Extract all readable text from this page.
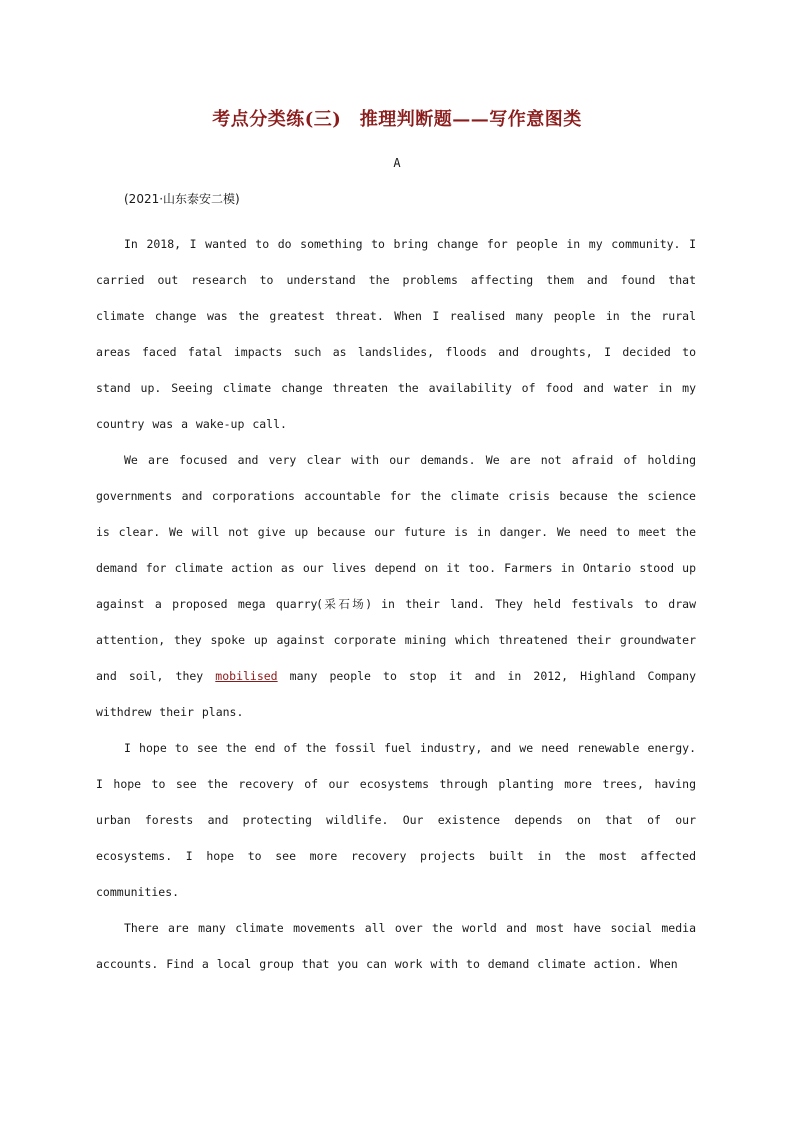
考点分类练(三)　推理判断题——写作意图类
A
(2021·山东泰安二模)

In 2018, I wanted to do something to bring change for people in my community. I carried out research to understand the problems affecting them and found that climate change was the greatest threat. When I realised many people in the rural areas faced fatal impacts such as landslides, floods and droughts, I decided to stand up. Seeing climate change threaten the availability of food and water in my country was a wake-up call.

We are focused and very clear with our demands. We are not afraid of holding governments and corporations accountable for the climate crisis because the science is clear. We will not give up because our future is in danger. We need to meet the demand for climate action as our lives depend on it too. Farmers in Ontario stood up against a proposed mega quarry(采石场) in their land. They held festivals to draw attention, they spoke up against corporate mining which threatened their groundwater and soil, they mobilised many people to stop it and in 2012, Highland Company withdrew their plans.

I hope to see the end of the fossil fuel industry, and we need renewable energy. I hope to see the recovery of our ecosystems through planting more trees, having urban forests and protecting wildlife. Our existence depends on that of our ecosystems. I hope to see more recovery projects built in the most affected communities.

There are many climate movements all over the world and most have social media accounts. Find a local group that you can work with to demand climate action. When
